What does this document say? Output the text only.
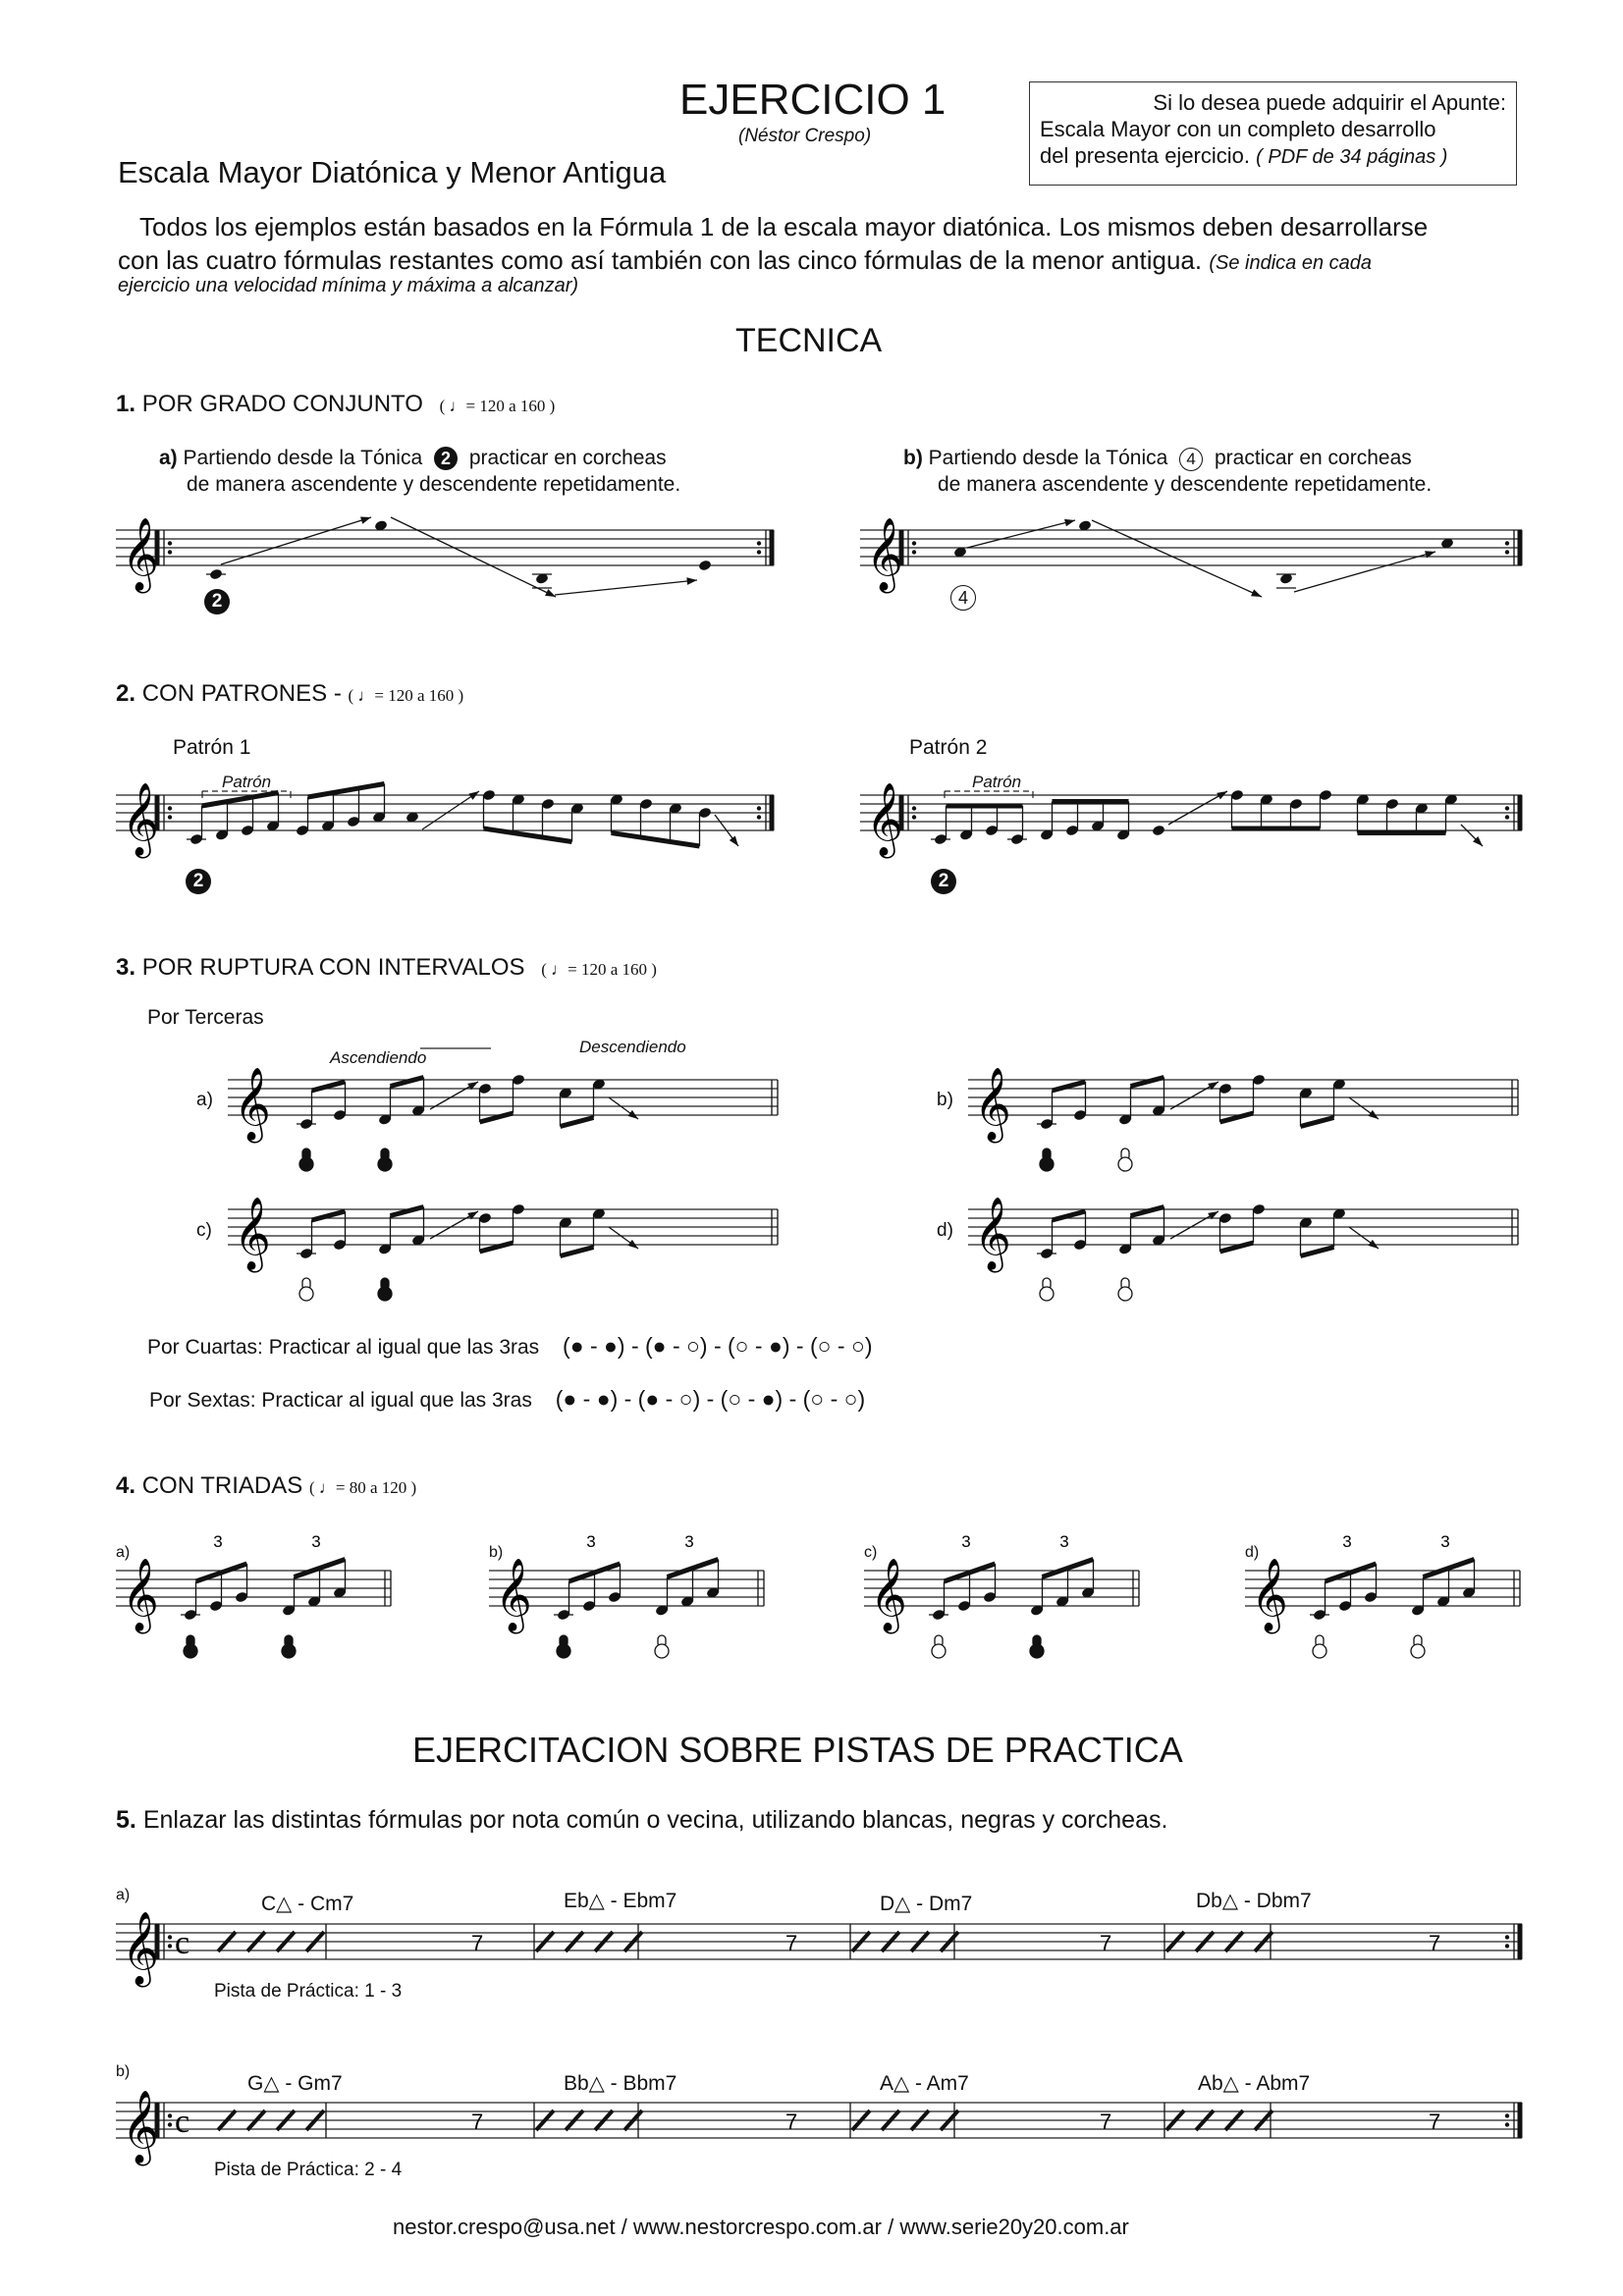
EJERCICIO 1
(Néstor Crespo)
Escala Mayor Diatónica y Menor Antigua
Si lo desea puede adquirir el Apunte:
Escala Mayor con un completo desarrollo
del presenta ejercicio. ( PDF de 34 páginas )
Todos los ejemplos están basados en la Fórmula 1 de la escala mayor diatónica. Los mismos deben desarrollarse
con las cuatro fórmulas restantes como así también con las cinco fórmulas de la menor antigua. (Se indica en cada
ejercicio una velocidad mínima y máxima a alcanzar)
TECNICA
1. POR GRADO CONJUNTO ( ♩= 120 a 160 )
a) Partiendo desde la Tónica 2 practicar en corcheas
de manera ascendente y descendente repetidamente.
b) Partiendo desde la Tónica 4 practicar en corcheas
de manera ascendente y descendente repetidamente.
2	4
2. CON PATRONES - ( ♩= 120 a 160 )
Patrón 1	Patrón 2
Patrón	Patrón
2	2
3. POR RUPTURA CON INTERVALOS ( ♩= 120 a 160 )
Por Terceras
Ascendiendo
Descendiendo
a)	b)
c)	d)
Por Cuartas: Practicar al igual que las 3ras (● - ●) - (● - ○) - (○ - ●) - (○ - ○)
Por Sextas: Practicar al igual que las 3ras (● - ●) - (● - ○) - (○ - ●) - (○ - ○)
4. CON TRIADAS ( ♩= 80 a 120 )
a)	b)	c)	d)
EJERCITACION SOBRE PISTAS DE PRACTICA
5. Enlazar las distintas fórmulas por nota común o vecina, utilizando blancas, negras y corcheas.
a)	C△ - Cm7	Eb△ - Ebm7	D△ - Dm7	Db△ - Dbm7
Pista de Práctica: 1 - 3
b)
G△ - Gm7	Bb△ - Bbm7	A△ - Am7	Ab△ - Abm7
Pista de Práctica: 2 - 4
nestor.crespo@usa.net / www.nestorcrespo.com.ar / www.serie20y20.com.ar
𝄞	𝄞
𝄞	𝄞
𝄞	𝄞
𝄞	𝄞
𝄞
3	3
𝄞
3	3
𝄞
3	3
𝄞
3	3
𝄞 c	7	7	7	7
𝄞 c	7	7	7	7
